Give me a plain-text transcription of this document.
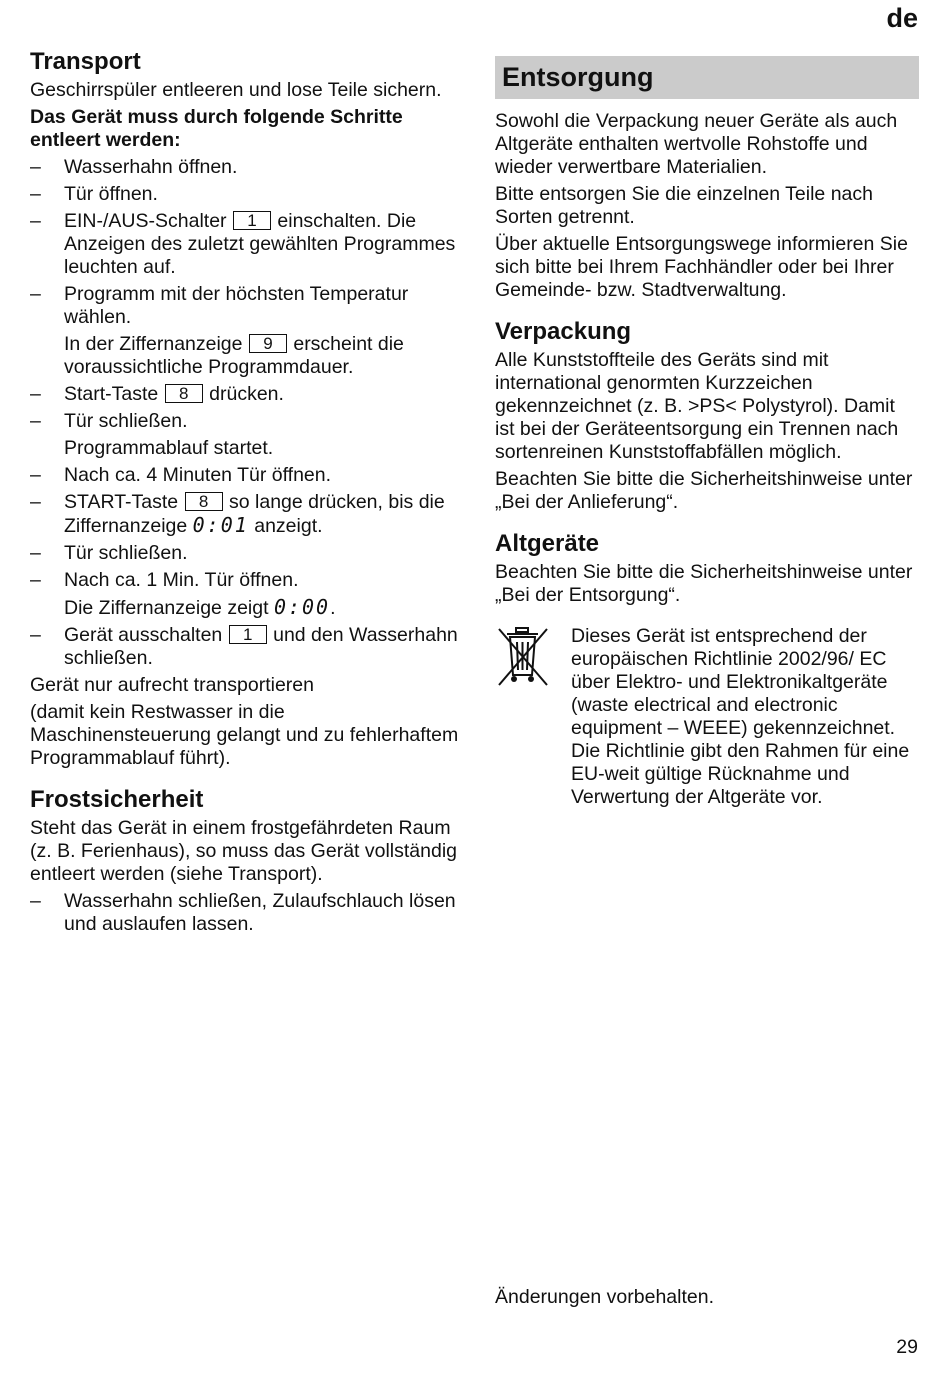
de
Transport

Geschirrspüler entleeren und lose Teile sichern.

Das Gerät muss durch folgende Schritte entleert werden:

– Wasserhahn öffnen.
– Tür öffnen.
– EIN-/AUS-Schalter 1 einschalten. Die Anzeigen des zuletzt gewählten Programmes leuchten auf.
– Programm mit der höchsten Temperatur wählen.

In der Ziffernanzeige 9 erscheint die voraussichtliche Programmdauer.

– Start-Taste 8 drücken.
– Tür schließen.

Programmablauf startet.

– Nach ca. 4 Minuten Tür öffnen.
– START-Taste 8 so lange drücken, bis die Ziffernanzeige 0:01 anzeigt.
– Tür schließen.
– Nach ca. 1 Min. Tür öffnen.

Die Ziffernanzeige zeigt 0:00.

– Gerät ausschalten 1 und den Wasserhahn schließen.

Gerät nur aufrecht transportieren

(damit kein Restwasser in die Maschinensteuerung gelangt und zu fehlerhaftem Programmablauf führt).

Frostsicherheit

Steht das Gerät in einem frostgefährdeten Raum (z. B. Ferienhaus), so muss das Gerät vollständig entleert werden (siehe Transport).

– Wasserhahn schließen, Zulaufschlauch lösen und auslaufen lassen.
Entsorgung

Sowohl die Verpackung neuer Geräte als auch Altgeräte enthalten wertvolle Rohstoffe und wieder verwertbare Materialien.

Bitte entsorgen Sie die einzelnen Teile nach Sorten getrennt.

Über aktuelle Entsorgungswege informieren Sie sich bitte bei Ihrem Fachhändler oder bei Ihrer Gemeinde- bzw. Stadtverwaltung.

Verpackung

Alle Kunststoffteile des Geräts sind mit international genormten Kurzzeichen gekennzeichnet (z. B. >PS< Polystyrol). Damit ist bei der Geräteentsorgung ein Trennen nach sortenreinen Kunststoffabfällen möglich.

Beachten Sie bitte die Sicherheitshinweise unter „Bei der Anlieferung“.

Altgeräte

Beachten Sie bitte die Sicherheitshinweise unter „Bei der Entsorgung“.

Dieses Gerät ist entsprechend der europäischen Richtlinie 2002/96/ EC über Elektro- und Elektronikaltgeräte (waste electrical and electronic equipment – WEEE) gekennzeichnet. Die Richtlinie gibt den Rahmen für eine EU-weit gültige Rücknahme und Verwertung der Altgeräte vor.

Änderungen vorbehalten.
29
